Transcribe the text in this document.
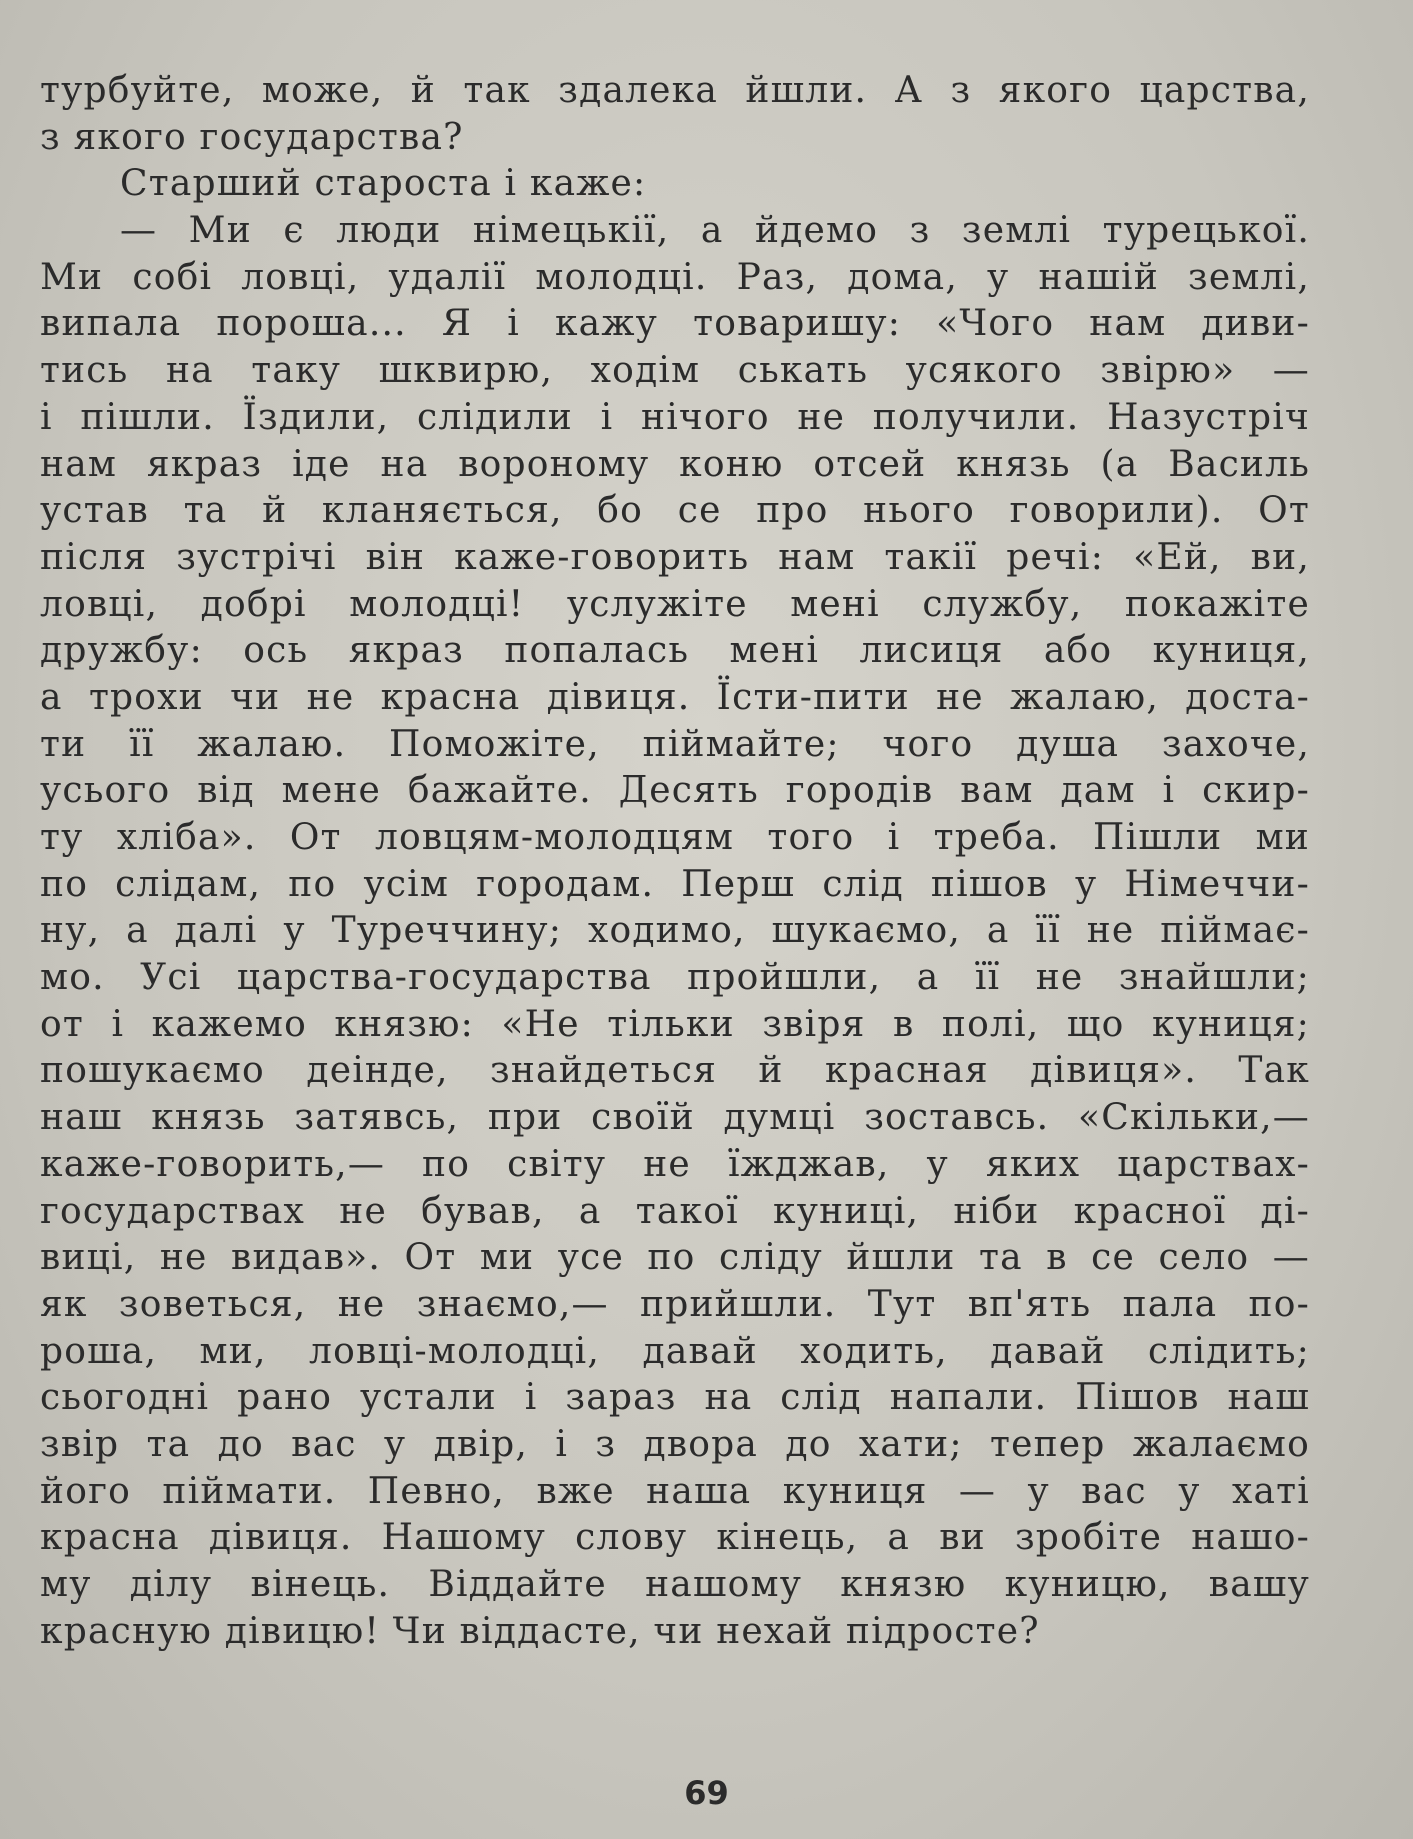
турбуйте, може, й так здалека йшли. А з якого царства,
з якого государства?
Старший староста і каже:
— Ми є люди німецькії, а йдемо з землі турецької.
Ми собі ловці, удалії молодці. Раз, дома, у нашій землі,
випала пороша... Я і кажу товаришу: «Чого нам диви-
тись на таку шквирю, ходім ськать усякого звірю» —
і пішли. Їздили, слідили і нічого не получили. Назустріч
нам якраз іде на вороному коню отсей князь (а Василь
устав та й кланяється, бо се про нього говорили). От
після зустрічі він каже-говорить нам такії речі: «Ей, ви,
ловці, добрі молодці! услужіте мені службу, покажіте
дружбу: ось якраз попалась мені лисиця або куниця,
а трохи чи не красна дівиця. Їсти-пити не жалаю, доста-
ти її жалаю. Поможіте, піймайте; чого душа захоче,
усього від мене бажайте. Десять городів вам дам і скир-
ту хліба». От ловцям-молодцям того і треба. Пішли ми
по слідам, по усім городам. Перш слід пішов у Німеччи-
ну, а далі у Туреччину; ходимо, шукаємо, а її не піймає-
мо. Усі царства-государства пройшли, а її не знайшли;
от і кажемо князю: «Не тільки звіря в полі, що куниця;
пошукаємо деінде, знайдеться й красная дівиця». Так
наш князь затявсь, при своїй думці зоставсь. «Скільки,—
каже-говорить,— по світу не їжджав, у яких царствах-
государствах не бував, а такої куниці, ніби красної ді-
виці, не видав». От ми усе по сліду йшли та в се село —
як зоветься, не знаємо,— прийшли. Тут вп'ять пала по-
роша, ми, ловці-молодці, давай ходить, давай слідить;
сьогодні рано устали і зараз на слід напали. Пішов наш
звір та до вас у двір, і з двора до хати; тепер жалаємо
його піймати. Певно, вже наша куниця — у вас у хаті
красна дівиця. Нашому слову кінець, а ви зробіте нашо-
му ділу вінець. Віддайте нашому князю куницю, вашу
красную дівицю! Чи віддасте, чи нехай підросте?
69
